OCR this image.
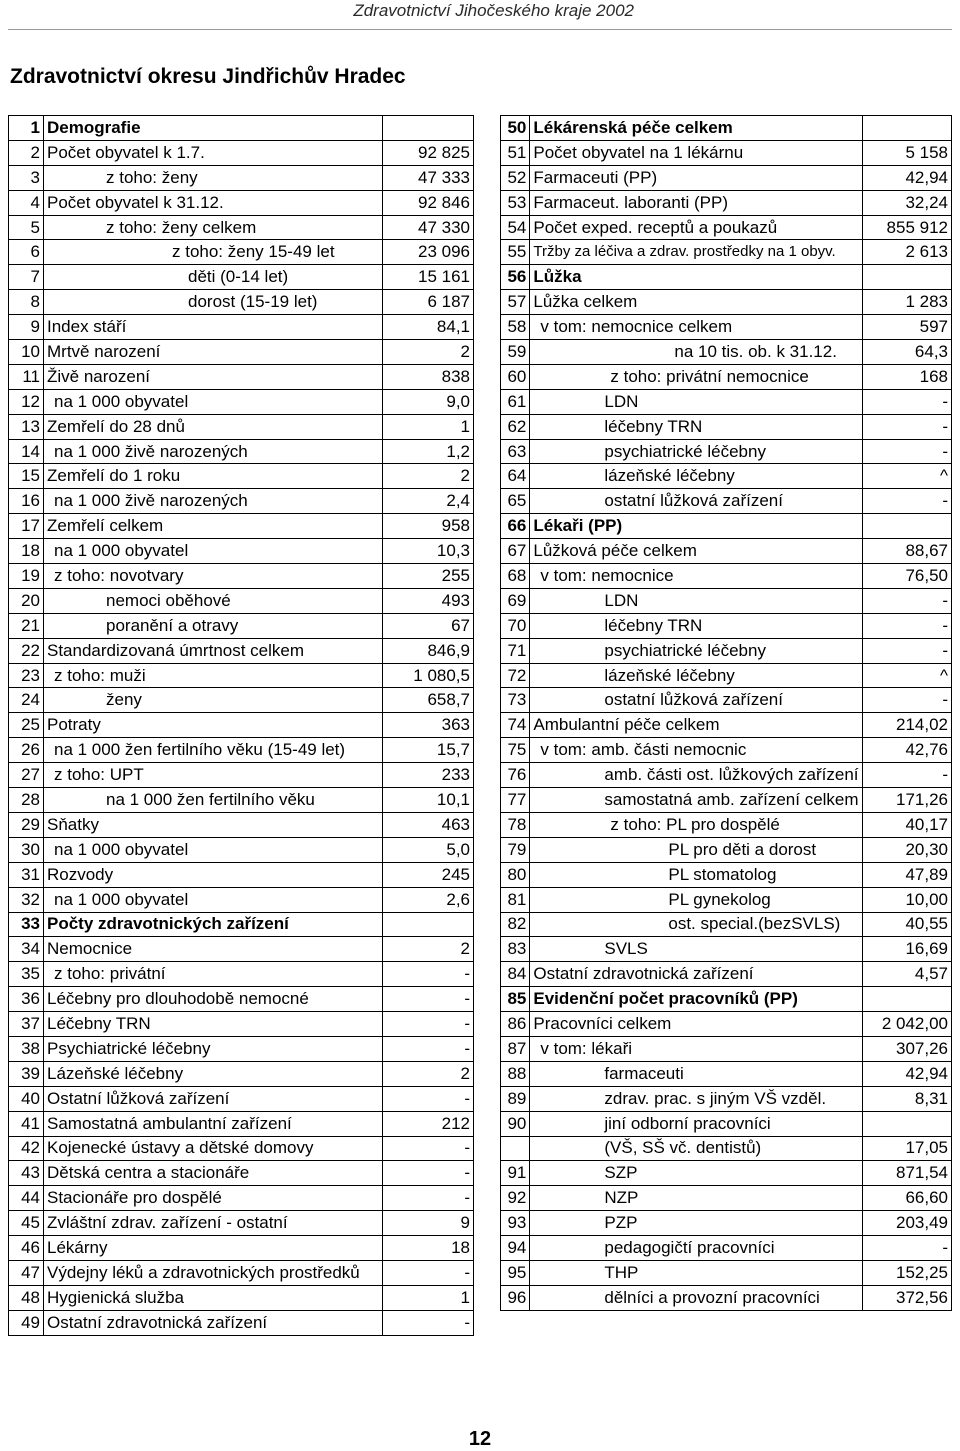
Zdravotnictví Jihočeského kraje 2002
Zdravotnictví okresu Jindřichův Hradec
1	Demografie	
2	Počet obyvatel k 1.7.	92 825
3	z toho: ženy	47 333
4	Počet obyvatel k 31.12.	92 846
5	z toho: ženy celkem	47 330
6	z toho: ženy 15-49 let	23 096
7	děti (0-14 let)	15 161
8	dorost (15-19 let)	6 187
9	Index stáří	84,1
10	Mrtvě narození	2
11	Živě narození	838
12	na 1 000 obyvatel	9,0
13	Zemřelí do 28 dnů	1
14	na 1 000 živě narozených	1,2
15	Zemřelí do 1 roku	2
16	na 1 000 živě narozených	2,4
17	Zemřelí celkem	958
18	na 1 000 obyvatel	10,3
19	z toho: novotvary	255
20	nemoci oběhové	493
21	poranění a otravy	67
22	Standardizovaná úmrtnost celkem	846,9
23	z toho: muži	1 080,5
24	ženy	658,7
25	Potraty	363
26	na 1 000 žen fertilního věku (15-49 let)	15,7
27	z toho: UPT	233
28	na 1 000 žen fertilního věku	10,1
29	Sňatky	463
30	na 1 000 obyvatel	5,0
31	Rozvody	245
32	na 1 000 obyvatel	2,6
33	Počty zdravotnických zařízení	
34	Nemocnice	2
35	z toho: privátní	-
36	Léčebny pro dlouhodobě nemocné	-
37	Léčebny TRN	-
38	Psychiatrické léčebny	-
39	Lázeňské léčebny	2
40	Ostatní lůžková zařízení	-
41	Samostatná ambulantní zařízení	212
42	Kojenecké ústavy a dětské domovy	-
43	Dětská centra a stacionáře	-
44	Stacionáře pro dospělé	-
45	Zvláštní zdrav. zařízení - ostatní	9
46	Lékárny	18
47	Výdejny léků a zdravotnických prostředků	-
48	Hygienická služba	1
49	Ostatní zdravotnická zařízení	-
50	Lékárenská péče celkem	
51	Počet obyvatel na 1 lékárnu	5 158
52	Farmaceuti (PP)	42,94
53	Farmaceut. laboranti (PP)	32,24
54	Počet exped. receptů a poukazů	855 912
55	Tržby za léčiva a zdrav. prostředky na 1 obyv.	2 613
56	Lůžka	
57	Lůžka celkem	1 283
58	v tom: nemocnice celkem	597
59	na 10 tis. ob. k 31.12.	64,3
60	z toho: privátní nemocnice	168
61	LDN	-
62	léčebny TRN	-
63	psychiatrické léčebny	-
64	lázeňské léčebny	^
65	ostatní lůžková zařízení	-
66	Lékaři (PP)	
67	Lůžková péče celkem	88,67
68	v tom: nemocnice	76,50
69	LDN	-
70	léčebny TRN	-
71	psychiatrické léčebny	-
72	lázeňské léčebny	^
73	ostatní lůžková zařízení	-
74	Ambulantní péče celkem	214,02
75	v tom: amb. části nemocnic	42,76
76	amb. části ost. lůžkových zařízení	-
77	samostatná amb. zařízení celkem	171,26
78	z toho: PL pro dospělé	40,17
79	PL pro děti a dorost	20,30
80	PL stomatolog	47,89
81	PL gynekolog	10,00
82	ost. special.(bezSVLS)	40,55
83	SVLS	16,69
84	Ostatní zdravotnická zařízení	4,57
85	Evidenční počet pracovníků (PP)	
86	Pracovníci celkem	2 042,00
87	v tom: lékaři	307,26
88	farmaceuti	42,94
89	zdrav. prac. s jiným VŠ vzděl.	8,31
90	jiní odborní pracovníci	
	(VŠ, SŠ vč. dentistů)	17,05
91	SZP	871,54
92	NZP	66,60
93	PZP	203,49
94	pedagogičtí pracovníci	-
95	THP	152,25
96	dělníci a provozní pracovníci	372,56
12
